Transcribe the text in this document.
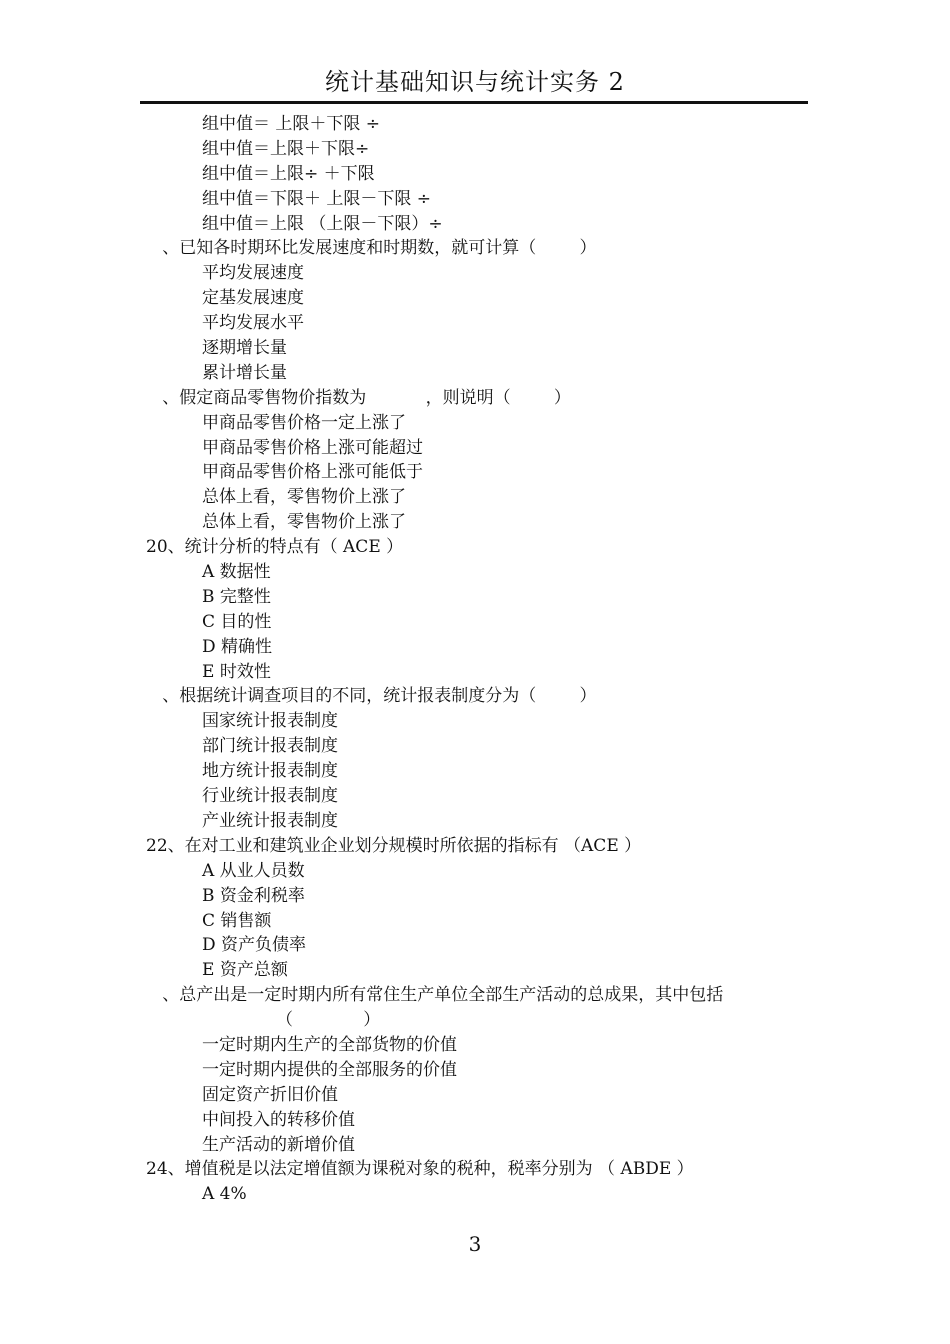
统计基础知识与统计实务 2
组中值＝ 上限＋下限 ÷
组中值＝上限＋下限÷
组中值＝上限÷ ＋下限
组中值＝下限＋ 上限－下限 ÷
组中值＝上限 （上限－下限）÷
、已知各时期环比发展速度和时期数，就可计算（        ）
平均发展速度
定基发展速度
平均发展水平
逐期增长量
累计增长量
、假定商品零售物价指数为           ，则说明（        ）
甲商品零售价格一定上涨了
甲商品零售价格上涨可能超过
甲商品零售价格上涨可能低于
总体上看，零售物价上涨了
总体上看，零售物价上涨了
20、统计分析的特点有（ ACE ）
A 数据性
B 完整性
C 目的性
D 精确性
E 时效性
、根据统计调查项目的不同，统计报表制度分为（        ）
国家统计报表制度
部门统计报表制度
地方统计报表制度
行业统计报表制度
产业统计报表制度
22、在对工业和建筑业企业划分规模时所依据的指标有 （ACE ）
A 从业人员数
B 资金利税率
C 销售额
D 资产负债率
E 资产总额
、总产出是一定时期内所有常住生产单位全部生产活动的总成果，其中包括
（             ）
一定时期内生产的全部货物的价值
一定时期内提供的全部服务的价值
固定资产折旧价值
中间投入的转移价值
生产活动的新增价值
24、增值税是以法定增值额为课税对象的税种，税率分别为 （ ABDE ）
A 4%
3
